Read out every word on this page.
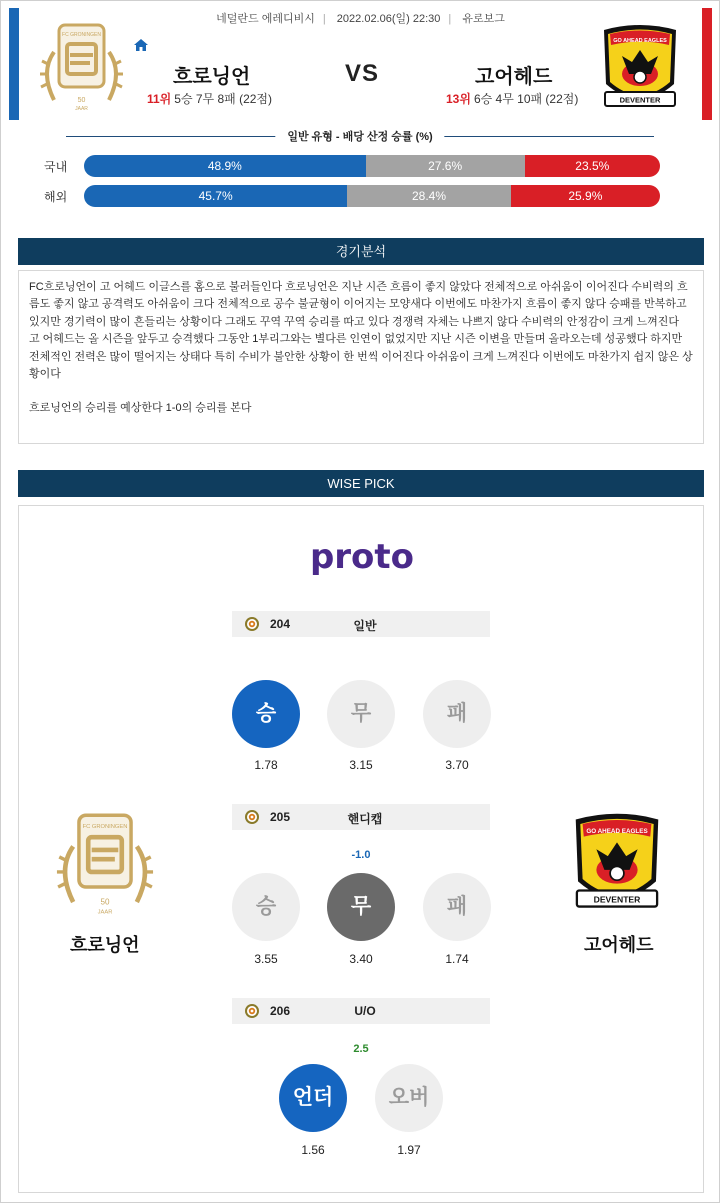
네덜란드 에레디비시 | 2022.02.06(일) 22:30 | 유로보그
50
JAAR
FC GRONINGEN
흐로닝언	VS	고어헤드
11위 5승 7무 8패 (22점)	13위 6승 4무 10패 (22점)	DEVENTER
GO AHEAD EAGLES
일반 유형 - 배당 산정 승률 (%)
국내	48.9%	27.6%	23.5%
해외	45.7%	28.4%	25.9%
경기분석

FC흐로닝언이 고 어헤드 이글스를 홈으로 불러들인다 흐로닝언은 지난 시즌 흐름이 좋지 않았다 전체적으로 아쉬움이 이어진다 수비력의 흐름도 좋지 않고 공격력도 아쉬움이 크다 전체적으로 공수 불균형이 이어지는 모양새다 이번에도 마찬가지 흐름이 좋지 않다 승패를 반복하고 있지만 경기력이 많이 흔들리는 상황이다 그래도 꾸역 꾸역 승리를 따고 있다 경쟁력 자체는 나쁘지 않다 수비력의 안정감이 크게 느껴진다

고 어헤드는 올 시즌을 앞두고 승격했다 그동안 1부리그와는 별다른 인연이 없었지만 지난 시즌 이변을 만들며 올라오는데 성공했다 하지만 전체적인 전력은 많이 떨어지는 상태다 특히 수비가 불안한 상황이 한 번씩 이어진다 아쉬움이 크게 느껴진다 이번에도 마찬가지 쉽지 않은 상황이다

흐로닝언의 승리를 예상한다 1-0의 승리를 본다

WISE PICK
proto
204	일반
승	무	패
1.78	3.15	3.70
205	핸디캡
-1.0
승	무	패
3.55	3.40	1.74
206	U/O
2.5
언더	오버
1.56	1.97
50
JAAR
FC GRONINGEN
DEVENTER
GO AHEAD EAGLES
흐로닝언	고어헤드
